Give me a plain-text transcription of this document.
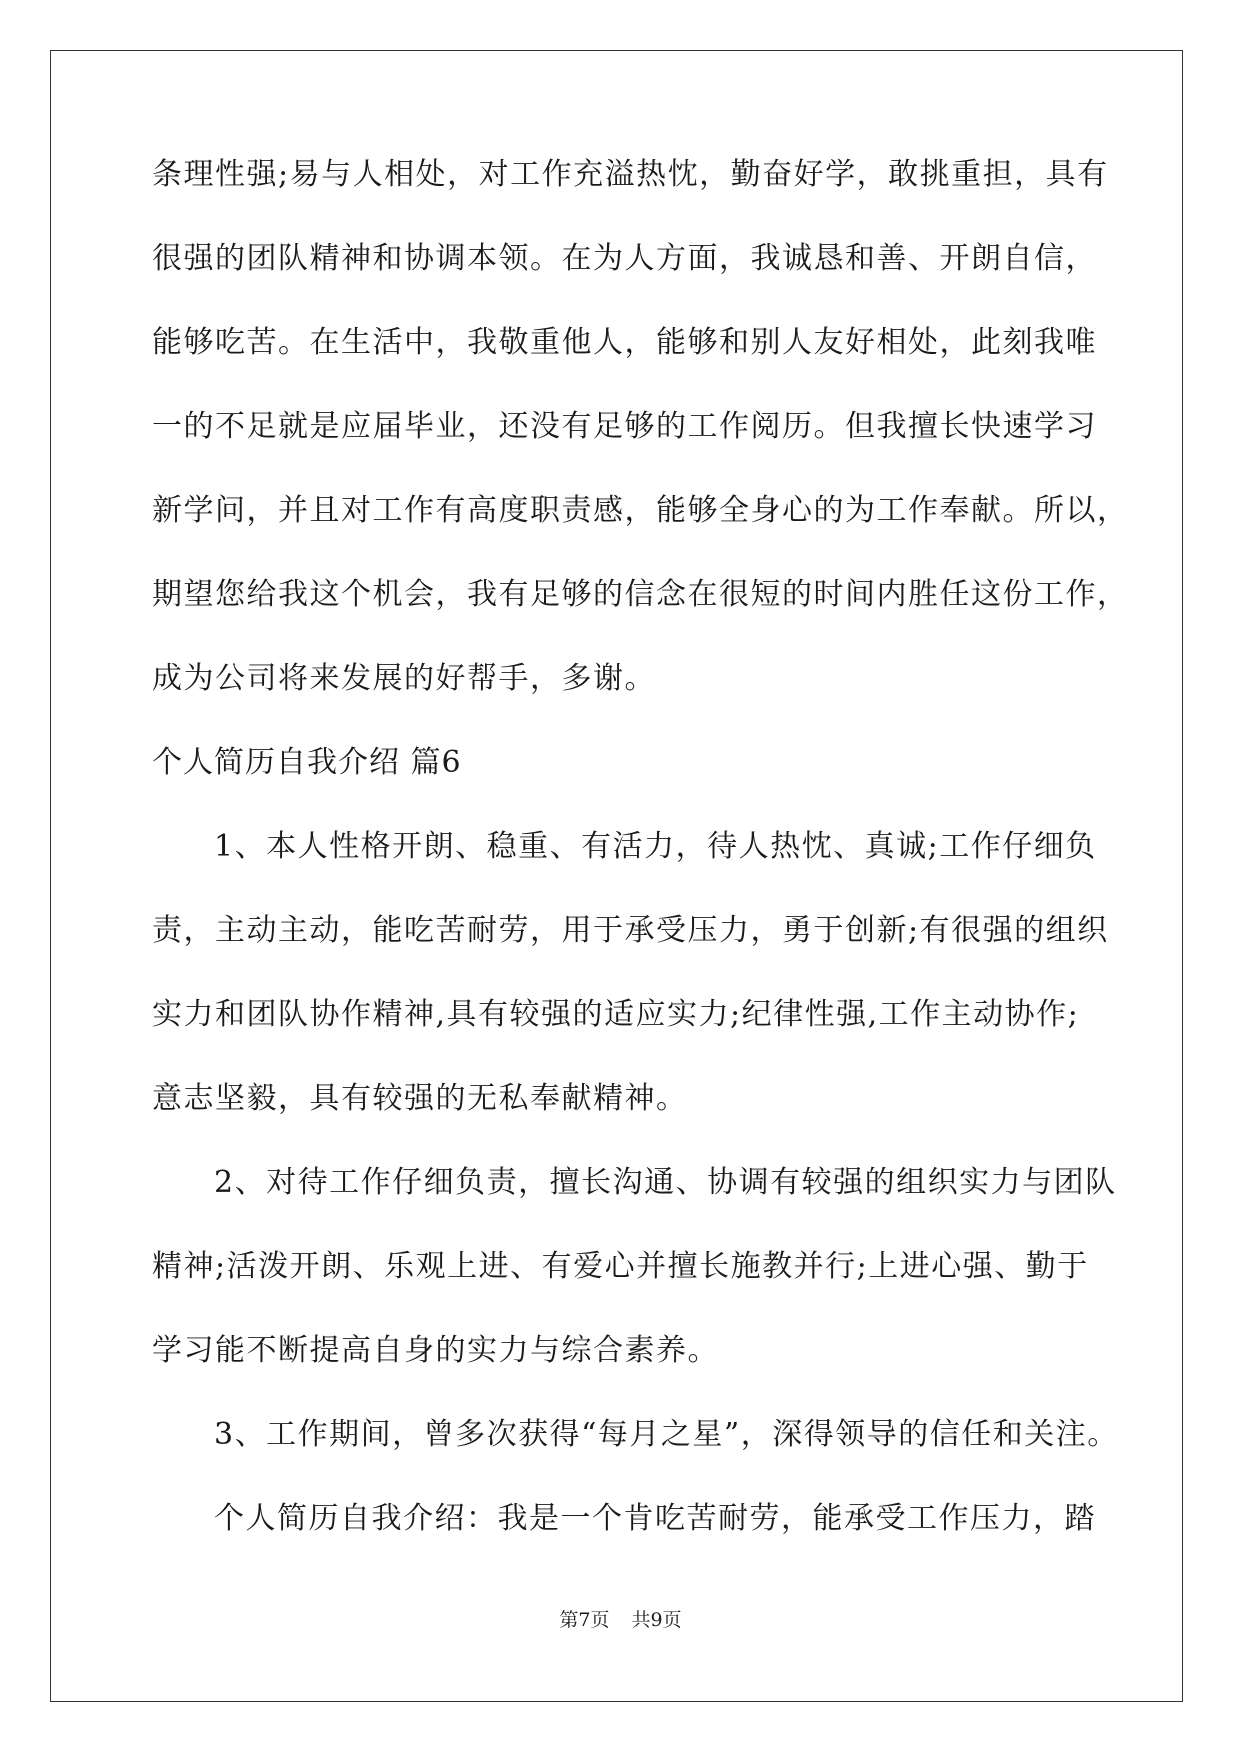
条理性强;易与人相处，对工作充溢热忱，勤奋好学，敢挑重担，具有
很强的团队精神和协调本领。在为人方面，我诚恳和善、开朗自信，
能够吃苦。在生活中，我敬重他人，能够和别人友好相处，此刻我唯
一的不足就是应届毕业，还没有足够的工作阅历。但我擅长快速学习
新学问，并且对工作有高度职责感，能够全身心的为工作奉献。所以，
期望您给我这个机会，我有足够的信念在很短的时间内胜任这份工作，
成为公司将来发展的好帮手，多谢。
个人简历自我介绍 篇6
1、本人性格开朗、稳重、有活力，待人热忱、真诚;工作仔细负
责，主动主动，能吃苦耐劳，用于承受压力，勇于创新;有很强的组织
实力和团队协作精神,具有较强的适应实力;纪律性强,工作主动协作;
意志坚毅，具有较强的无私奉献精神。
2、对待工作仔细负责，擅长沟通、协调有较强的组织实力与团队
精神;活泼开朗、乐观上进、有爱心并擅长施教并行;上进心强、勤于
学习能不断提高自身的实力与综合素养。
3、工作期间，曾多次获得“每月之星”，深得领导的信任和关注。
个人简历自我介绍：我是一个肯吃苦耐劳，能承受工作压力，踏
第7页 共9页
